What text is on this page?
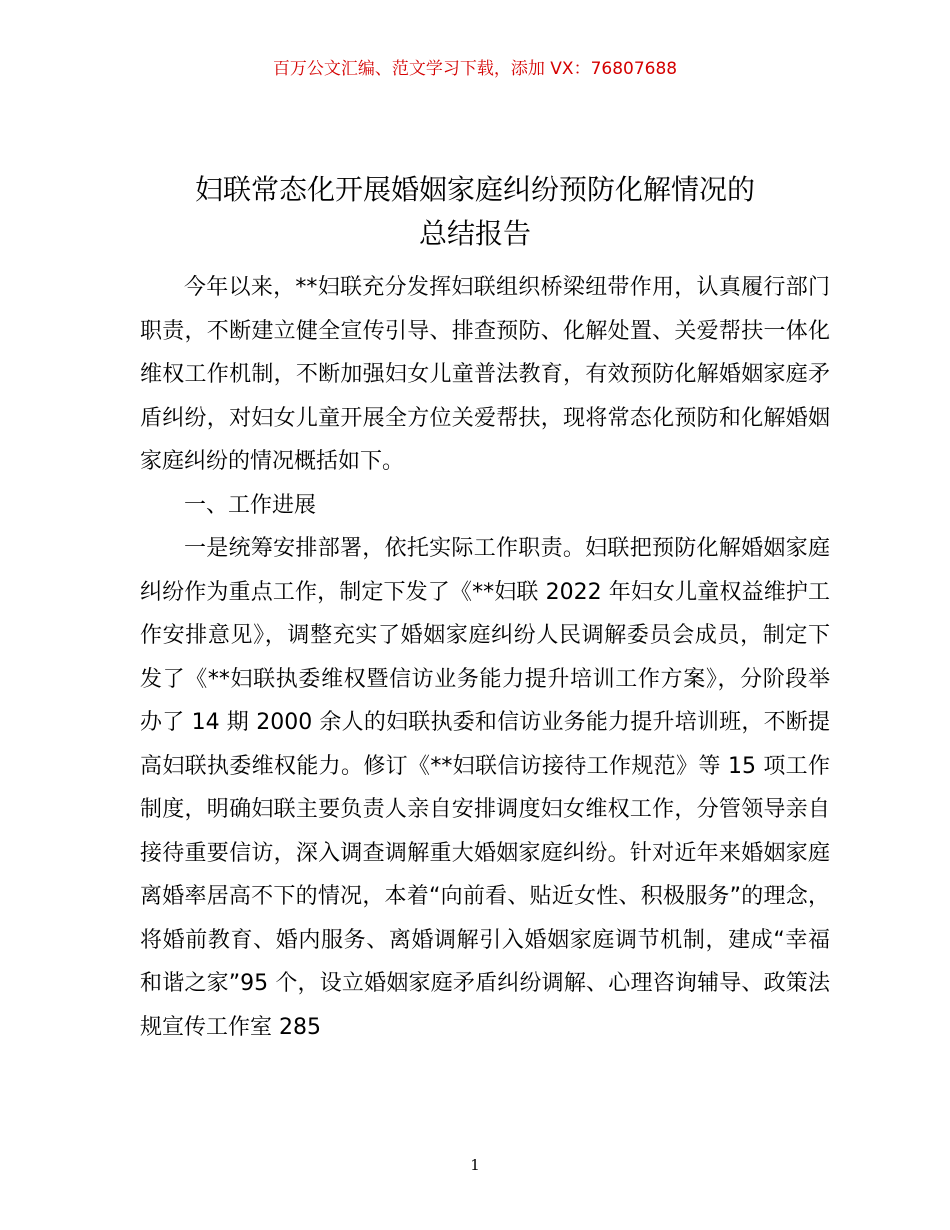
百万公文汇编、范文学习下载，添加 VX：76807688
妇联常态化开展婚姻家庭纠纷预防化解情况的
总结报告

今年以来，**妇联充分发挥妇联组织桥梁纽带作用，认真履行部门职责，不断建立健全宣传引导、排查预防、化解处置、关爱帮扶一体化维权工作机制，不断加强妇女儿童普法教育，有效预防化解婚姻家庭矛盾纠纷，对妇女儿童开展全方位关爱帮扶，现将常态化预防和化解婚姻家庭纠纷的情况概括如下。

一、工作进展

一是统筹安排部署，依托实际工作职责。妇联把预防化解婚姻家庭纠纷作为重点工作，制定下发了《**妇联 2022 年妇女儿童权益维护工作安排意见》，调整充实了婚姻家庭纠纷人民调解委员会成员，制定下发了《**妇联执委维权暨信访业务能力提升培训工作方案》，分阶段举办了 14 期 2000 余人的妇联执委和信访业务能力提升培训班，不断提高妇联执委维权能力。修订《**妇联信访接待工作规范》等 15 项工作制度，明确妇联主要负责人亲自安排调度妇女维权工作，分管领导亲自接待重要信访，深入调查调解重大婚姻家庭纠纷。针对近年来婚姻家庭离婚率居高不下的情况，本着“向前看、贴近女性、积极服务”的理念，将婚前教育、婚内服务、离婚调解引入婚姻家庭调节机制，建成“幸福和谐之家”95 个，设立婚姻家庭矛盾纠纷调解、心理咨询辅导、政策法规宣传工作室 285

1
